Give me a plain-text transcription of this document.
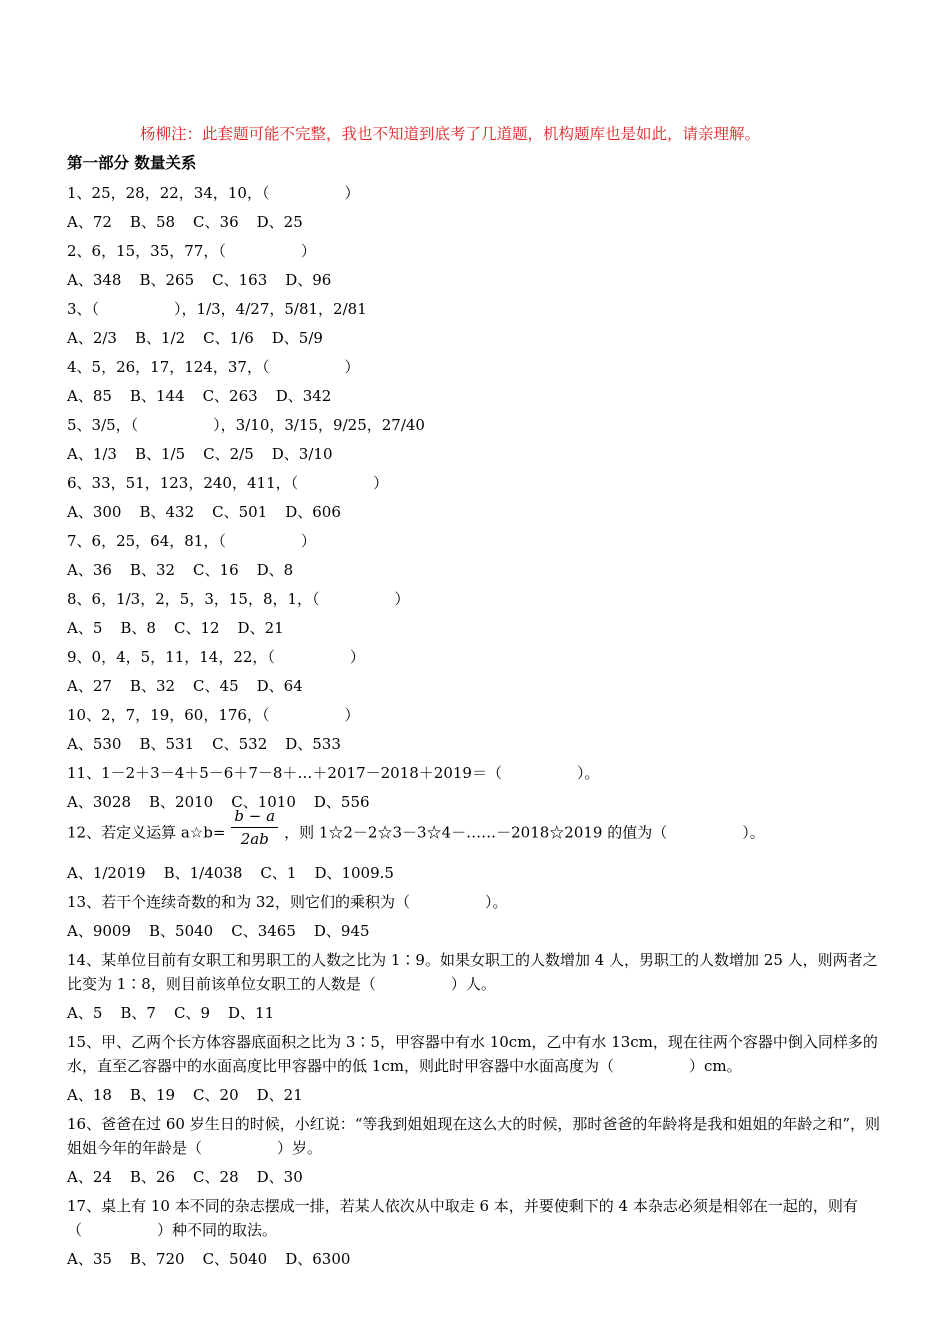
杨柳注：此套题可能不完整，我也不知道到底考了几道题，机构题库也是如此，请亲理解。
第一部分 数量关系
1、25，28，22，34，10，（　　　　　）
A、72 B、58 C、36 D、25
2、6，15，35，77，（　　　　　）
A、348 B、265 C、163 D、96
3、（　　　　　），1/3，4/27，5/81，2/81
A、2/3 B、1/2 C、1/6 D、5/9
4、5，26，17，124，37，（　　　　　）
A、85 B、144 C、263 D、342
5、3/5，（　　　　　），3/10，3/15，9/25，27/40
A、1/3 B、1/5 C、2/5 D、3/10
6、33，51，123，240，411，（　　　　　）
A、300 B、432 C、501 D、606
7、6，25，64，81，（　　　　　）
A、36 B、32 C、16 D、8
8、6，1/3，2，5，3，15，8，1，（　　　　　）
A、5 B、8 C、12 D、21
9、0，4，5，11，14，22，（　　　　　）
A、27 B、32 C、45 D、64
10、2，7，19，60，176，（　　　　　）
A、530 B、531 C、532 D、533
11、1－2＋3－4＋5－6＋7－8＋…＋2017－2018＋2019＝（　　　　　）。
A、3028 B、2010 C、1010 D、556
12、若定义运算 a☆b= $\frac{b - a}{2ab}$ ，则 1☆2－2☆3－3☆4－……－2018☆2019 的值为（　　　　　）。
A、1/2019 B、1/4038 C、1 D、1009.5
13、若干个连续奇数的和为 32，则它们的乘积为（　　　　　）。
A、9009 B、5040 C、3465 D、945
14、某单位目前有女职工和男职工的人数之比为 1∶9。如果女职工的人数增加 4 人，男职工的人数增加 25 人，则两者之比变为 1∶8，则目前该单位女职工的人数是（　　　　　）人。
A、5 B、7 C、9 D、11
15、甲、乙两个长方体容器底面积之比为 3∶5，甲容器中有水 10cm，乙中有水 13cm，现在往两个容器中倒入同样多的水，直至乙容器中的水面高度比甲容器中的低 1cm，则此时甲容器中水面高度为（　　　　　）cm。
A、18 B、19 C、20 D、21
16、爸爸在过 60 岁生日的时候，小红说：“等我到姐姐现在这么大的时候，那时爸爸的年龄将是我和姐姐的年龄之和”，则姐姐今年的年龄是（　　　　　）岁。
A、24 B、26 C、28 D、30
17、桌上有 10 本不同的杂志摆成一排，若某人依次从中取走 6 本，并要使剩下的 4 本杂志必须是相邻在一起的，则有（　　　　　）种不同的取法。
A、35 B、720 C、5040 D、6300
